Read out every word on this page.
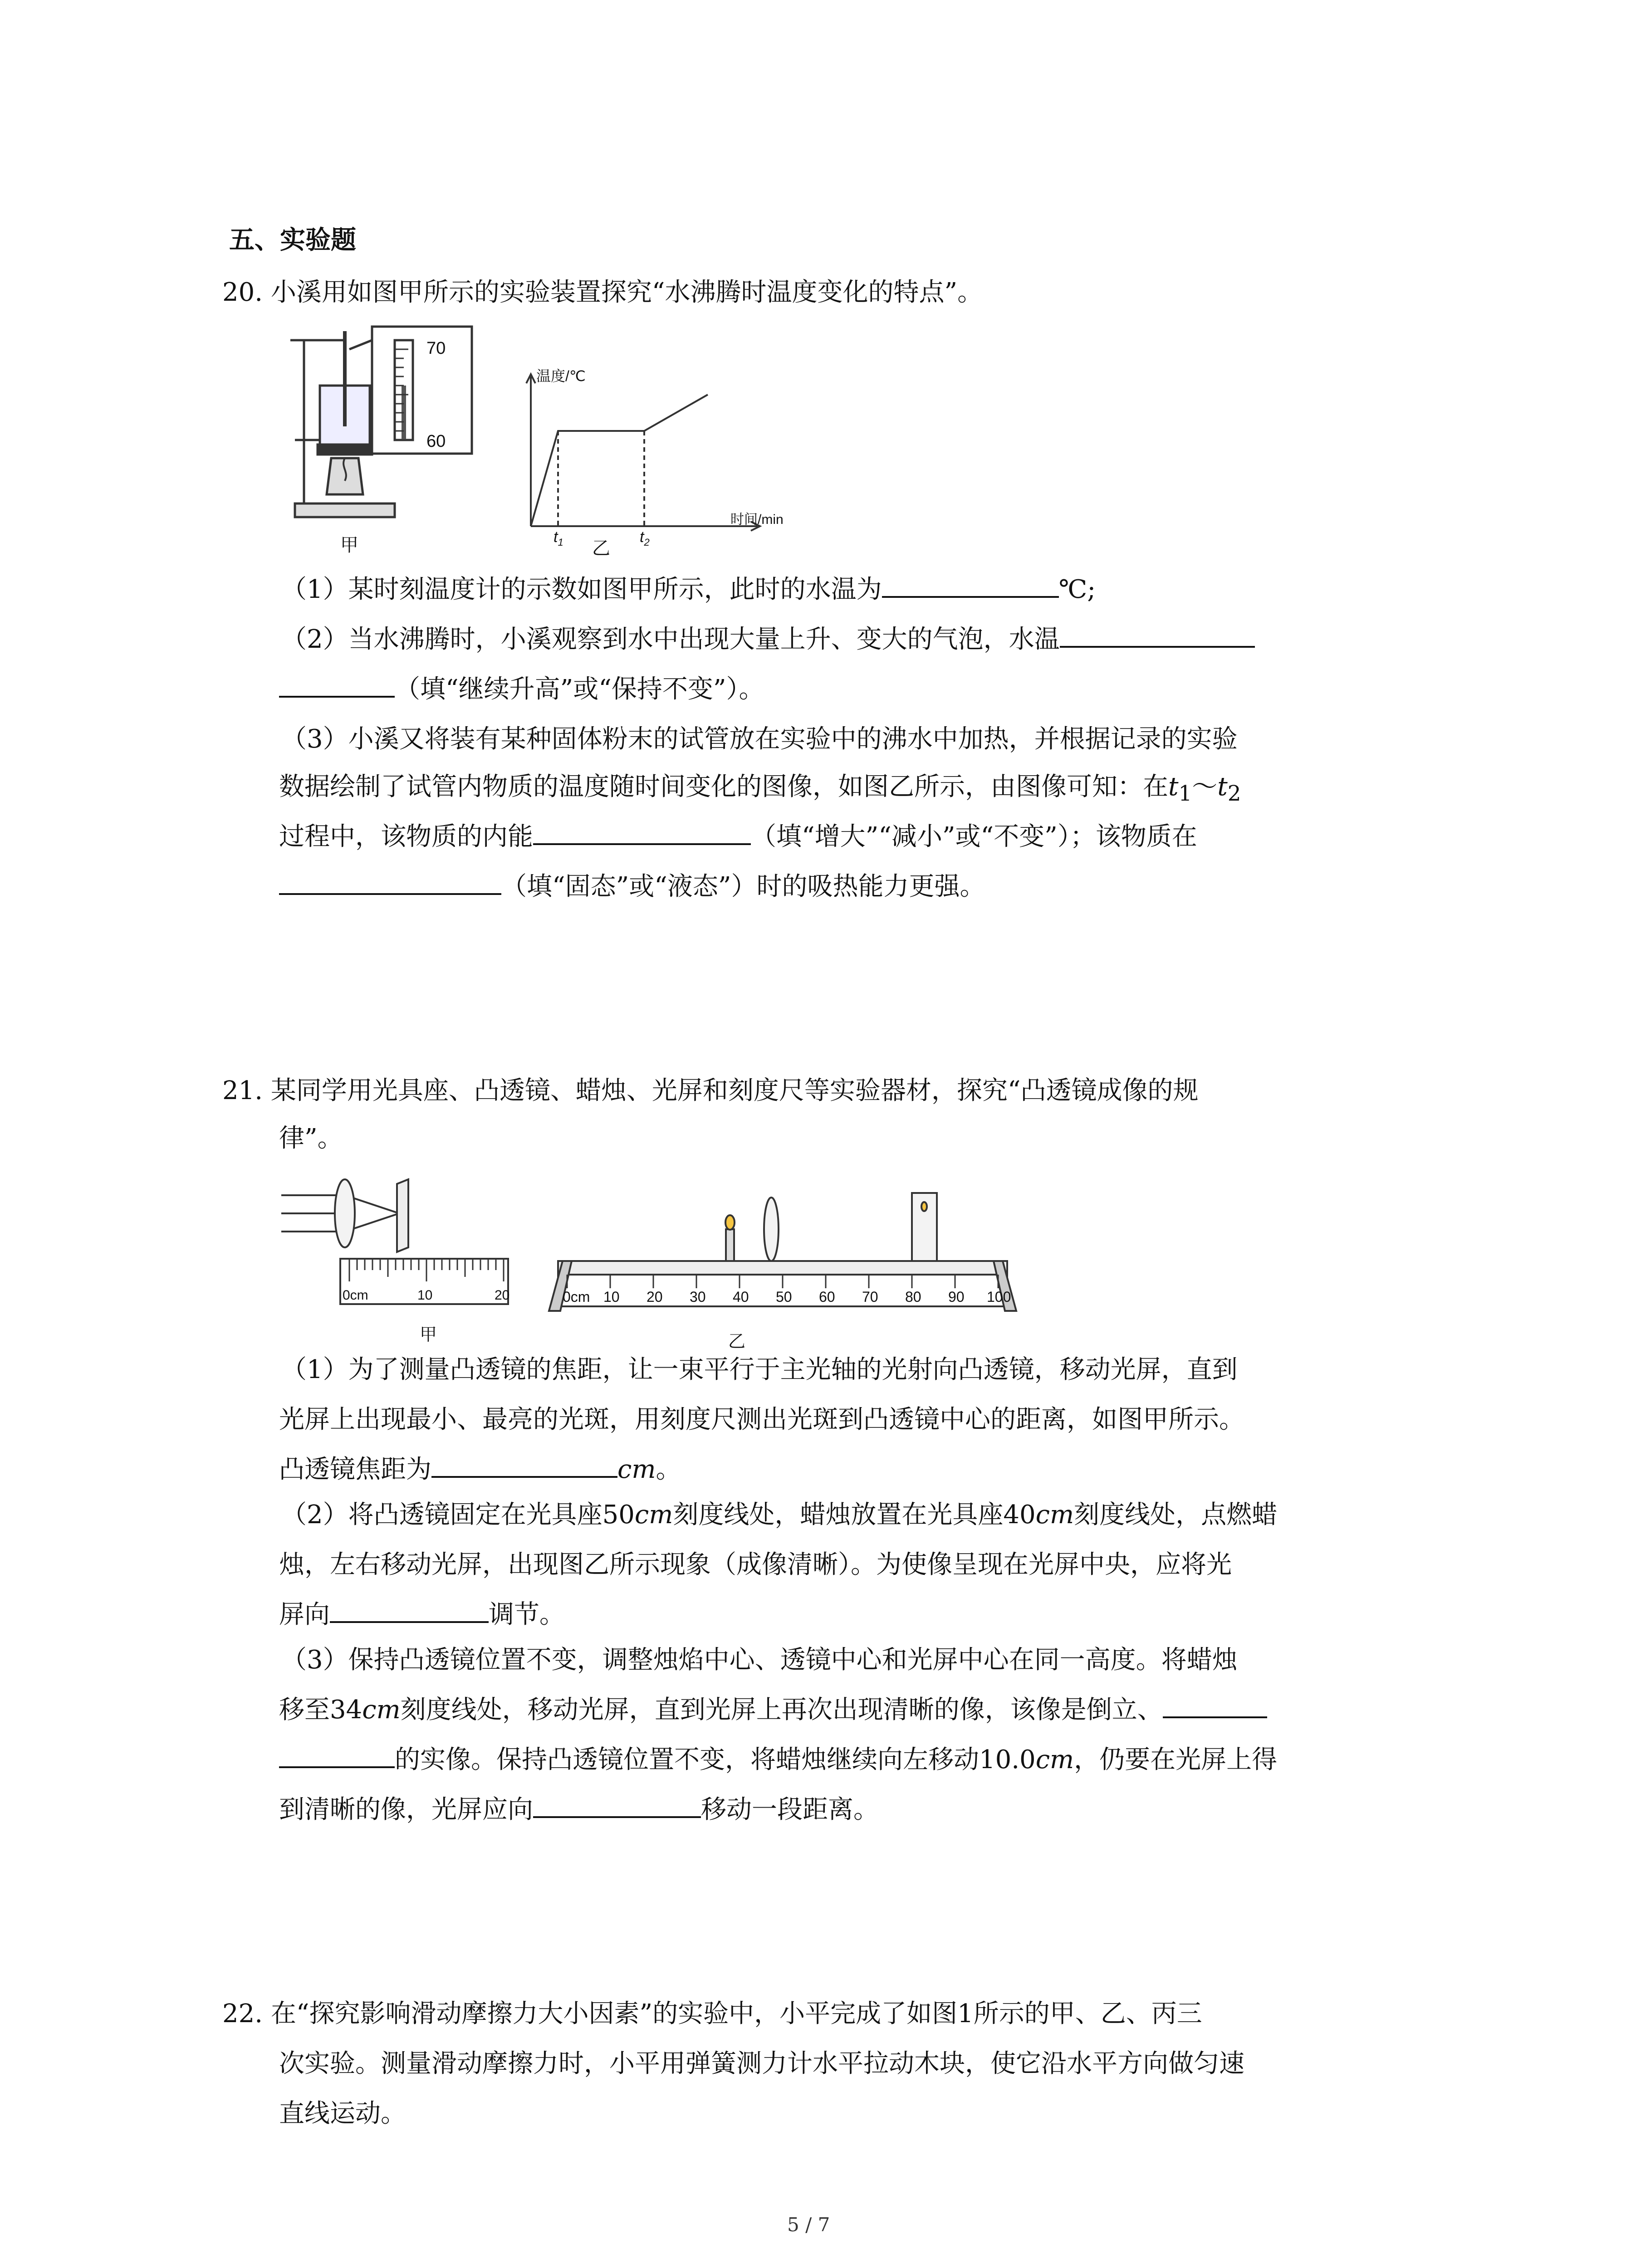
五、实验题
20. 小溪用如图甲所示的实验装置探究“水沸腾时温度变化的特点”。
70
60
甲
温度/℃
时间/min
$t_1$	$t_2$
乙
（1）某时刻温度计的示数如图甲所示，此时的水温为	℃;
（2）当水沸腾时，小溪观察到水中出现大量上升、变大的气泡，水温
（填“继续升高”或“保持不变”）。
（3）小溪又将装有某种固体粉末的试管放在实验中的沸水中加热，并根据记录的实验
数据绘制了试管内物质的温度随时间变化的图像，如图乙所示，由图像可知：在$t_1\sim t_2$
过程中，该物质的内能	（填“增大”“减小”或“不变”）；该物质在
（填“固态”或“液态”）时的吸热能力更强。
21. 某同学用光具座、凸透镜、蜡烛、光屏和刻度尺等实验器材，探究“凸透镜成像的规
律”。
0cm	10	20
甲
0cm 10 20 30 40 50 60 70 80 90 100
乙
（1）为了测量凸透镜的焦距，让一束平行于主光轴的光射向凸透镜，移动光屏，直到
光屏上出现最小、最亮的光斑，用刻度尺测出光斑到凸透镜中心的距离，如图甲所示。
凸透镜焦距为	cm。
（2）将凸透镜固定在光具座50cm刻度线处，蜡烛放置在光具座40cm刻度线处，点燃蜡
烛，左右移动光屏，出现图乙所示现象（成像清晰）。为使像呈现在光屏中央，应将光
屏向	调节。
（3）保持凸透镜位置不变，调整烛焰中心、透镜中心和光屏中心在同一高度。将蜡烛
移至34cm刻度线处，移动光屏，直到光屏上再次出现清晰的像，该像是倒立、
的实像。保持凸透镜位置不变，将蜡烛继续向左移动10.0cm，仍要在光屏上得
到清晰的像，光屏应向	移动一段距离。
22. 在“探究影响滑动摩擦力大小因素”的实验中，小平完成了如图1所示的甲、乙、丙三
次实验。测量滑动摩擦力时，小平用弹簧测力计水平拉动木块，使它沿水平方向做匀速
直线运动。
5 / 7
